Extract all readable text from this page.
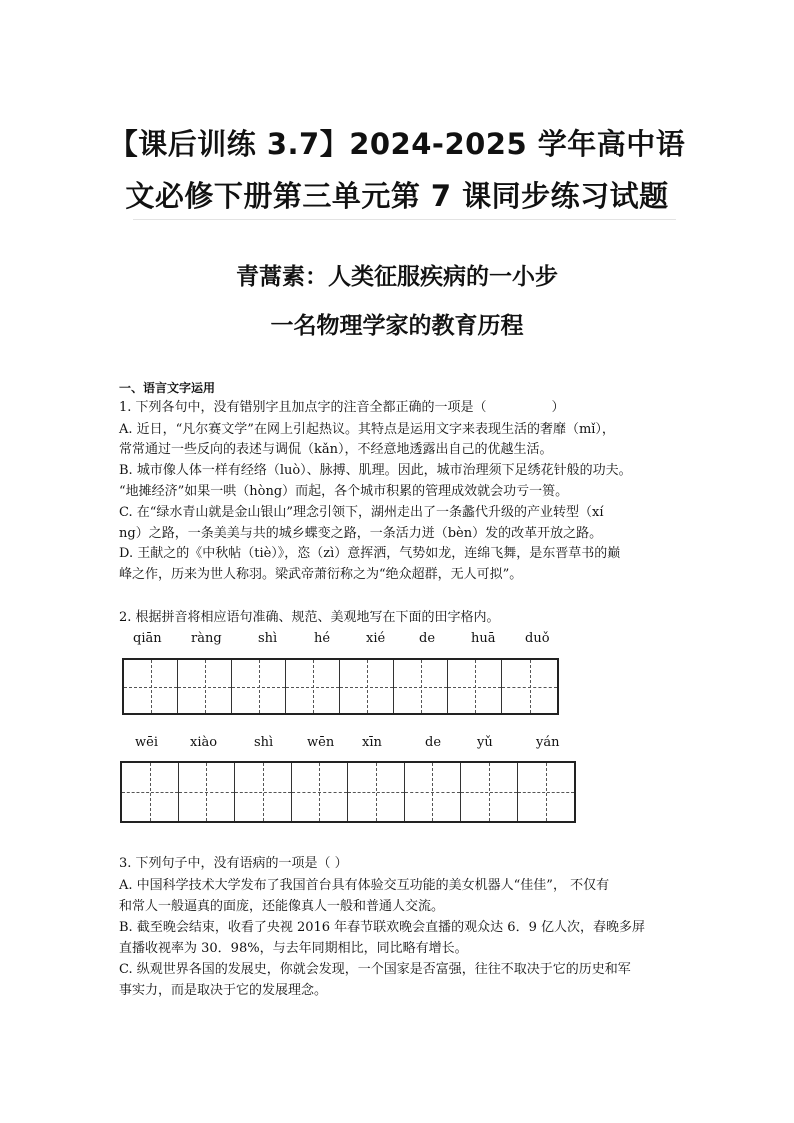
【课后训练 3.7】2024-2025 学年高中语
文必修下册第三单元第 7 课同步练习试题
青蒿素：人类征服疾病的一小步
一名物理学家的教育历程
一、语言文字运用
1. 下列各句中，没有错别字且加点字的注音全都正确的一项是（　　　　　）
A. 近日，“凡尔赛文学”在网上引起热议。其特点是运用文字来表现生活的奢靡（mǐ），
常常通过一些反向的表述与调侃（kǎn），不经意地透露出自己的优越生活。
B. 城市像人体一样有经络（luò）、脉搏、肌理。因此，城市治理须下足绣花针般的功夫。
“地摊经济”如果一哄（hòng）而起，各个城市积累的管理成效就会功亏一篑。
C. 在“绿水青山就是金山银山”理念引领下，湖州走出了一条蠡代升级的产业转型（xí
ng）之路，一条美美与共的城乡蝶变之路，一条活力迸（bèn）发的改革开放之路。
D. 王献之的《中秋帖（tiè）》，恣（zì）意挥洒，气势如龙，连绵飞舞，是东晋草书的巅
峰之作，历来为世人称羽。梁武帝萧衍称之为“绝众超群，无人可拟”。
2. 根据拼音将相应语句准确、规范、美观地写在下面的田字格内。
qiān ràng	shì	hé	xié	de	huā duǒ
wēi xiào	shì	wēn xīn	de	yǔ	yán
3. 下列句子中，没有语病的一项是（ ）
A. 中国科学技术大学发布了我国首台具有体验交互功能的美女机器人“佳佳”， 不仅有
和常人一般逼真的面庞，还能像真人一般和普通人交流。
B. 截至晚会结束，收看了央视 2016 年春节联欢晚会直播的观众达 6．9 亿人次，春晚多屏
直播收视率为 30．98%，与去年同期相比，同比略有增长。
C. 纵观世界各国的发展史，你就会发现，一个国家是否富强，往往不取决于它的历史和军
事实力，而是取决于它的发展理念。
